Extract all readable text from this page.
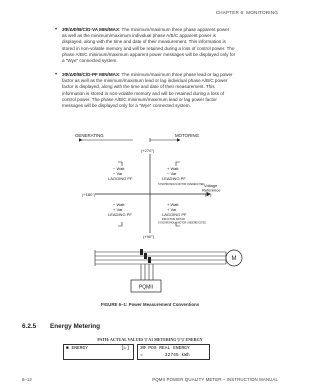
CHAPTER 6: MONITORING
• 3Φ/ΔΦ/B/C/D-VA MIN/MAX: The minimum/maximum three phase apparent power
as well as the minimum/maximum individual phase A/B/C apparent power is
displayed, along with the time and date of their measurement. This information is
stored in non-volatile memory and will be retained during a loss of control power. The
phase A/B/C minimum/maximum apparent power messages will be displayed only for
a “Wye” connected system.
• 3Φ/ΔΦ/B/C/D-PF MIN/MAX: The minimum/maximum three phase lead or lag power
factor as well as the minimum/maximum lead or lag individual phase A/B/C power
factor is displayed, along with the time and date of their measurement. This
information is stored in non-volatile memory and will be retained during a loss of
control power. The phase A/B/C minimum/maximum lead or lag power factor
messages will be displayed only for a “Wye” connected system.
GENERATING	MOTORING
(+270°)
(+180°)
(+90°)
Voltage
Reference
(0°)
− Watt
− Var
LAGGING PF
+ Watt
− Var
LEADING PF
SYNCHRONOUS MOTOR OVEREXCITED
− Watt
+ Var
LEADING PF
+ Watt
+ Var
LAGGING PF
INDUCTION MOTOR
SYNCHRONOUS MOTOR UNDEREXCITED
PQMII
M
FIGURE 6–1: Power Measurement Conventions
6.2.5 Energy Metering
PATH: ACTUAL VALUES ▽ A1 METERING ▽ ▽ ENERGY
■ ENERGY            [▷]	3Φ POS REAL ENERGY
=        32745 kWh
6–12	PQMII POWER QUALITY METER – INSTRUCTION MANUAL
